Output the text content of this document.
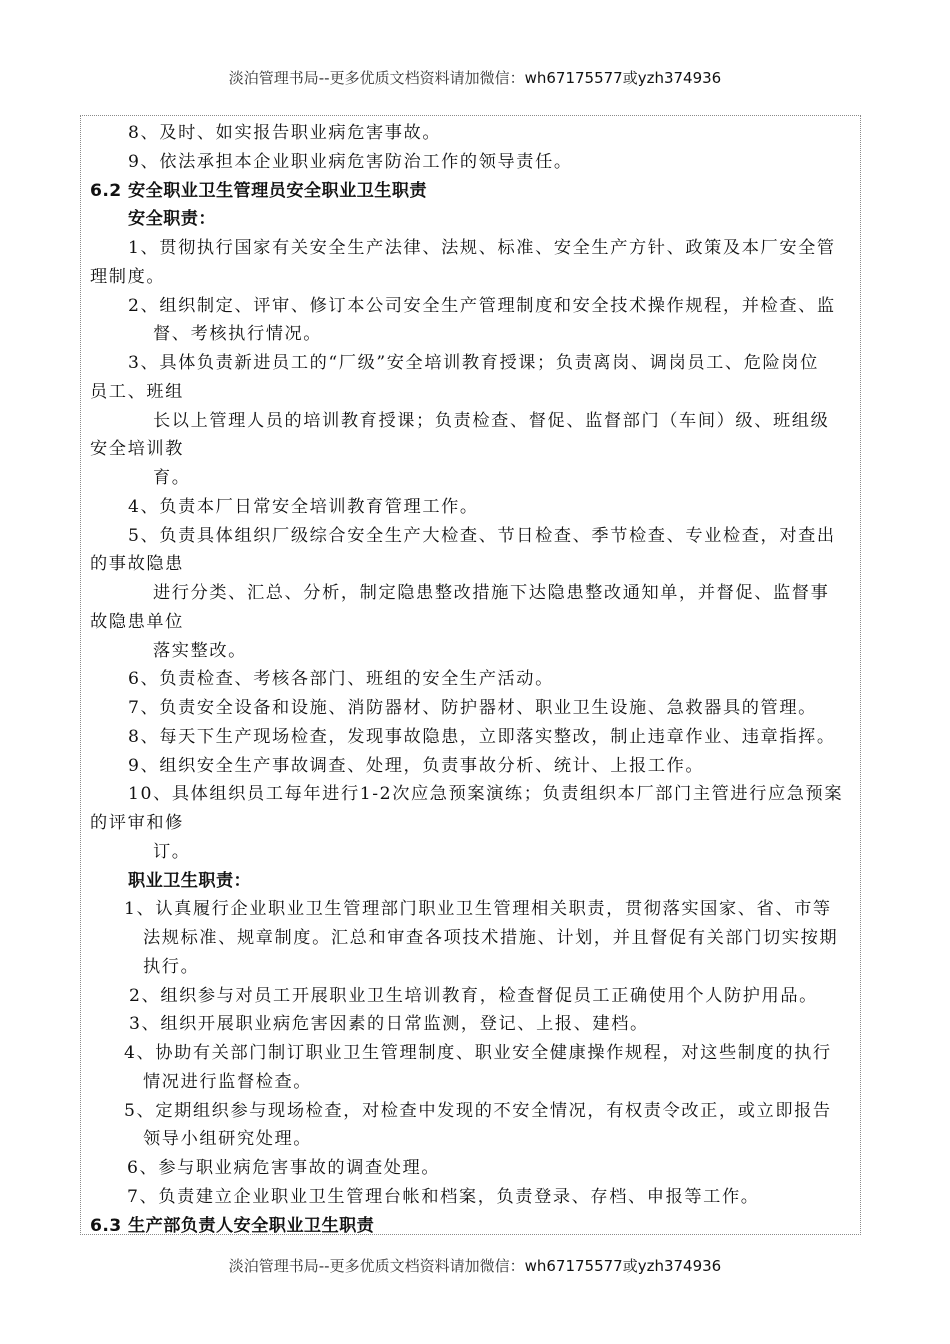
淡泊管理书局--更多优质文档资料请加微信：wh67175577或yzh374936
8、及时、如实报告职业病危害事故。
9、依法承担本企业职业病危害防治工作的领导责任。
6.2 安全职业卫生管理员安全职业卫生职责
安全职责：
1、贯彻执行国家有关安全生产法律、法规、标准、安全生产方针、政策及本厂安全管
理制度。
2、组织制定、评审、修订本公司安全生产管理制度和安全技术操作规程，并检查、监
督、考核执行情况。
3、具体负责新进员工的“厂级”安全培训教育授课；负责离岗、调岗员工、危险岗位
员工、班组
长以上管理人员的培训教育授课；负责检查、督促、监督部门（车间）级、班组级
安全培训教
育。
4、负责本厂日常安全培训教育管理工作。
5、负责具体组织厂级综合安全生产大检查、节日检查、季节检查、专业检查，对查出
的事故隐患
进行分类、汇总、分析，制定隐患整改措施下达隐患整改通知单，并督促、监督事
故隐患单位
落实整改。
6、负责检查、考核各部门、班组的安全生产活动。
7、负责安全设备和设施、消防器材、防护器材、职业卫生设施、急救器具的管理。
8、每天下生产现场检查，发现事故隐患，立即落实整改，制止违章作业、违章指挥。
9、组织安全生产事故调查、处理，负责事故分析、统计、上报工作。
10、具体组织员工每年进行1-2次应急预案演练；负责组织本厂部门主管进行应急预案
的评审和修
订。
职业卫生职责：
1、认真履行企业职业卫生管理部门职业卫生管理相关职责，贯彻落实国家、省、市等
法规标准、规章制度。汇总和审查各项技术措施、计划，并且督促有关部门切实按期
执行。
2、组织参与对员工开展职业卫生培训教育，检查督促员工正确使用个人防护用品。
3、组织开展职业病危害因素的日常监测，登记、上报、建档。
4、协助有关部门制订职业卫生管理制度、职业安全健康操作规程，对这些制度的执行
情况进行监督检查。
5、定期组织参与现场检查，对检查中发现的不安全情况，有权责令改正，或立即报告
领导小组研究处理。
6、参与职业病危害事故的调查处理。
7、负责建立企业职业卫生管理台帐和档案，负责登录、存档、申报等工作。
6.3 生产部负责人安全职业卫生职责
淡泊管理书局--更多优质文档资料请加微信：wh67175577或yzh374936
